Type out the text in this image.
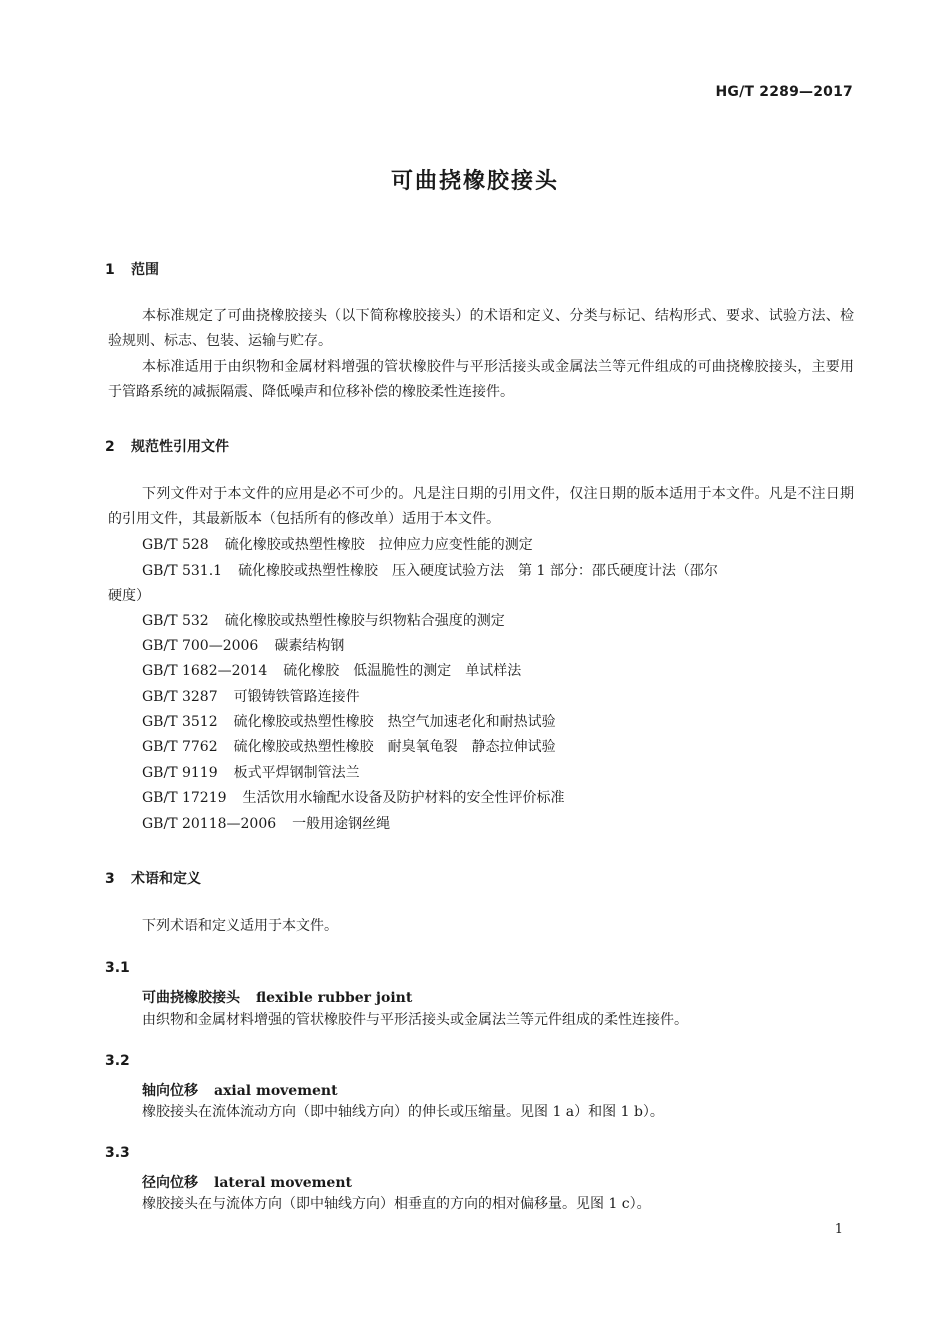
HG/T 2289—2017
可曲挠橡胶接头
1 范围

本标准规定了可曲挠橡胶接头（以下简称橡胶接头）的术语和定义、分类与标记、结构形式、要求、试验方法、检验规则、标志、包装、运输与贮存。

本标准适用于由织物和金属材料增强的管状橡胶件与平形活接头或金属法兰等元件组成的可曲挠橡胶接头，主要用于管路系统的减振隔震、降低噪声和位移补偿的橡胶柔性连接件。

2 规范性引用文件

下列文件对于本文件的应用是必不可少的。凡是注日期的引用文件，仅注日期的版本适用于本文件。凡是不注日期的引用文件，其最新版本（包括所有的修改单）适用于本文件。

GB/T 528 硫化橡胶或热塑性橡胶　拉伸应力应变性能的测定
GB/T 531.1 硫化橡胶或热塑性橡胶　压入硬度试验方法　第 1 部分：邵氏硬度计法（邵尔
硬度）
GB/T 532 硫化橡胶或热塑性橡胶与织物粘合强度的测定
GB/T 700—2006 碳素结构钢
GB/T 1682—2014 硫化橡胶　低温脆性的测定　单试样法
GB/T 3287 可锻铸铁管路连接件
GB/T 3512 硫化橡胶或热塑性橡胶　热空气加速老化和耐热试验
GB/T 7762 硫化橡胶或热塑性橡胶　耐臭氧龟裂　静态拉伸试验
GB/T 9119 板式平焊钢制管法兰
GB/T 17219 生活饮用水输配水设备及防护材料的安全性评价标准
GB/T 20118—2006 一般用途钢丝绳
3 术语和定义

下列术语和定义适用于本文件。

3.1
可曲挠橡胶接头 flexible rubber joint

由织物和金属材料增强的管状橡胶件与平形活接头或金属法兰等元件组成的柔性连接件。

3.2
轴向位移 axial movement

橡胶接头在流体流动方向（即中轴线方向）的伸长或压缩量。见图 1 a）和图 1 b）。

3.3
径向位移 lateral movement

橡胶接头在与流体方向（即中轴线方向）相垂直的方向的相对偏移量。见图 1 c）。

1
